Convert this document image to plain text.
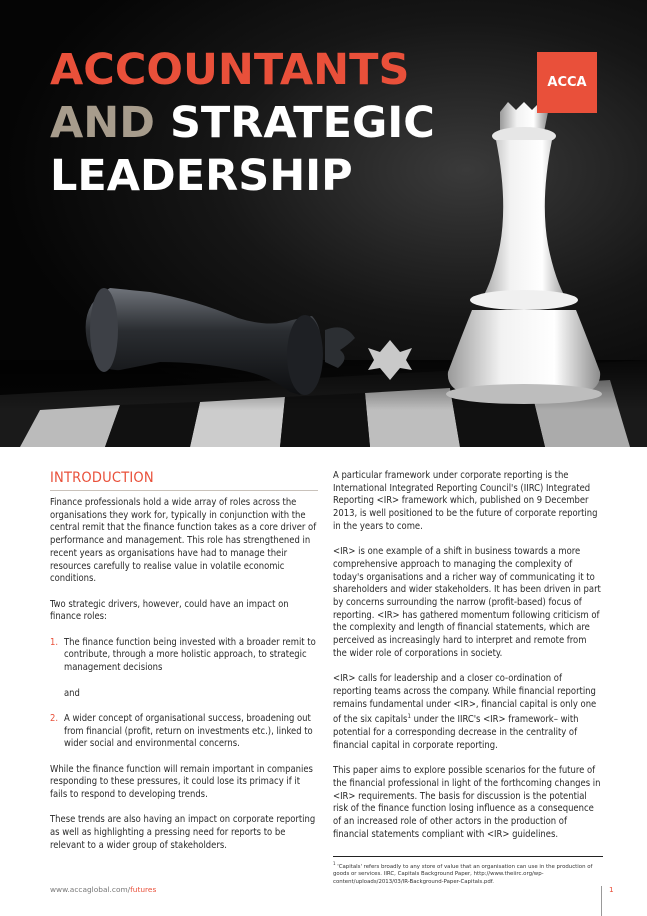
ACCOUNTANTS
AND STRATEGIC
LEADERSHIP
ACCA
INTRODUCTION

Finance professionals hold a wide array of roles across the organisations they work for, typically in conjunction with the central remit that the finance function takes as a core driver of performance and management. This role has strengthened in recent years as organisations have had to manage their resources carefully to realise value in volatile economic conditions.

Two strategic drivers, however, could have an impact on finance roles:

1. The finance function being invested with a broader remit to contribute, through a more holistic approach, to strategic management decisions
and
2. A wider concept of organisational success, broadening out from financial (profit, return on investments etc.), linked to wider social and environmental concerns.

While the finance function will remain important in companies responding to these pressures, it could lose its primacy if it fails to respond to developing trends.

These trends are also having an impact on corporate reporting as well as highlighting a pressing need for reports to be relevant to a wider group of stakeholders.

A particular framework under corporate reporting is the International Integrated Reporting Council's (IIRC) Integrated Reporting <IR> framework which, published on 9 December 2013, is well positioned to be the future of corporate reporting in the years to come.

<IR> is one example of a shift in business towards a more comprehensive approach to managing the complexity of today's organisations and a richer way of communicating it to shareholders and wider stakeholders. It has been driven in part by concerns surrounding the narrow (profit-based) focus of reporting. <IR> has gathered momentum following criticism of the complexity and length of financial statements, which are perceived as increasingly hard to interpret and remote from the wider role of corporations in society.

<IR> calls for leadership and a closer co-ordination of reporting teams across the company. While financial reporting remains fundamental under <IR>, financial capital is only one of the six capitals$^1$ under the IIRC's <IR> framework– with potential for a corresponding decrease in the centrality of financial capital in corporate reporting.

This paper aims to explore possible scenarios for the future of the financial professional in light of the forthcoming changes in <IR> requirements. The basis for discussion is the potential risk of the finance function losing influence as a consequence of an increased role of other actors in the production of financial statements compliant with <IR> guidelines.

$^1$ 'Capitals' refers broadly to any store of value that an organisation can use in the production of goods or services. IIRC, Capitals Background Paper, http://www.theiirc.org/wp-content/uploads/2013/03/IR-Background-Paper-Capitals.pdf.
www.accaglobal.com/futures	1
